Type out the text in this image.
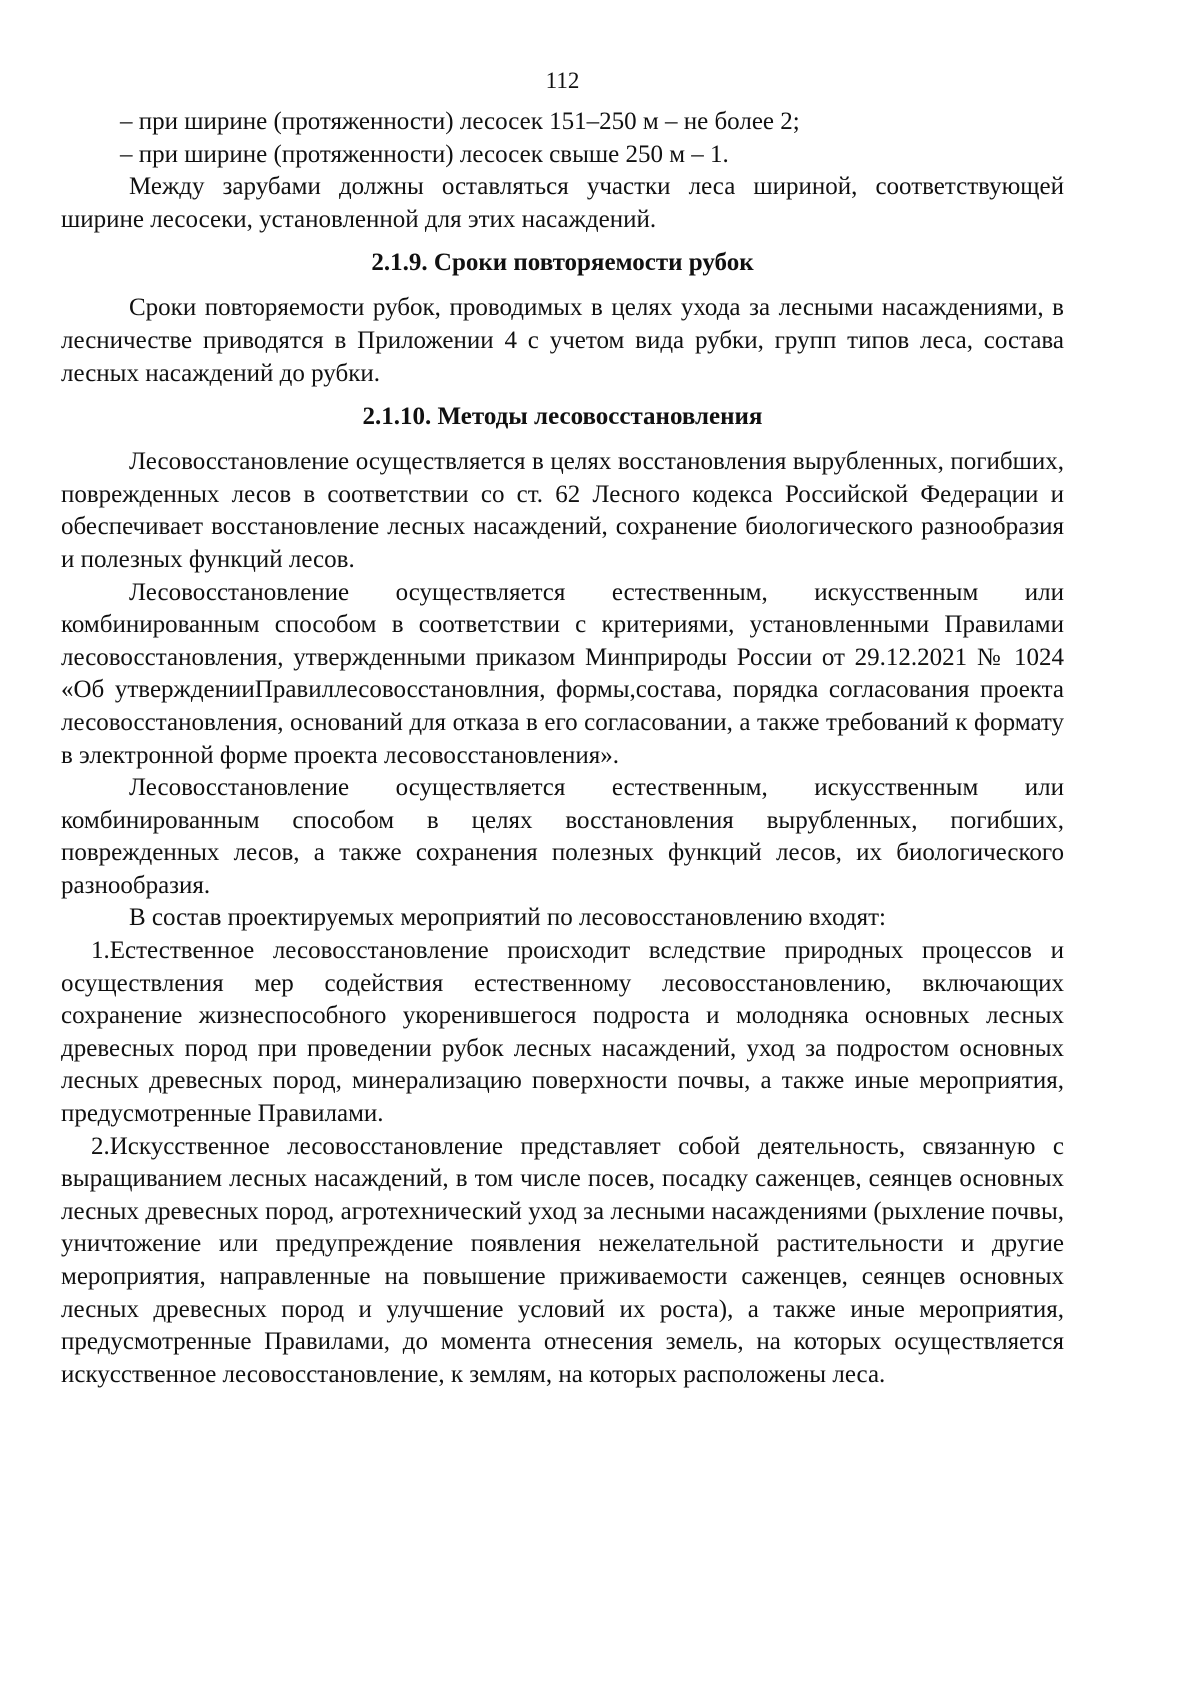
112

– при ширине (протяженности) лесосек 151–250 м – не более 2;

– при ширине (протяженности) лесосек свыше 250 м – 1.

Между зарубами должны оставляться участки леса шириной, соответствующей ширине лесосеки, установленной для этих насаждений.

2.1.9. Сроки повторяемости рубок

Сроки повторяемости рубок, проводимых в целях ухода за лесными насаждениями, в лесничестве приводятся в Приложении 4 с учетом вида рубки, групп типов леса, состава лесных насаждений до рубки.

2.1.10. Методы лесовосстановления

Лесовосстановление осуществляется в целях восстановления вырубленных, погибших, поврежденных лесов в соответствии со ст. 62 Лесного кодекса Российской Федерации и обеспечивает восстановление лесных насаждений, сохранение биологического разнообразия и полезных функций лесов.

Лесовосстановление осуществляется естественным, искусственным или комбинированным способом в соответствии с критериями, установленными Правилами лесовосстановления, утвержденными приказом Минприроды России от 29.12.2021 № 1024 «Об утвержденииПравиллесовосстановлния, формы,состава, порядка согласования проекта лесовосстановления, оснований для отказа в его согласовании, а также требований к формату в электронной форме проекта лесовосстановления».

Лесовосстановление осуществляется естественным, искусственным или комбинированным способом в целях восстановления вырубленных, погибших, поврежденных лесов, а также сохранения полезных функций лесов, их биологического разнообразия.

В состав проектируемых мероприятий по лесовосстановлению входят:

1.Естественное лесовосстановление происходит вследствие природных процессов и осуществления мер содействия естественному лесовосстановлению, включающих сохранение жизнеспособного укоренившегося подроста и молодняка основных лесных древесных пород при проведении рубок лесных насаждений, уход за подростом основных лесных древесных пород, минерализацию поверхности почвы, а также иные мероприятия, предусмотренные Правилами.

2.Искусственное лесовосстановление представляет собой деятельность, связанную с выращиванием лесных насаждений, в том числе посев, посадку саженцев, сеянцев основных лесных древесных пород, агротехнический уход за лесными насаждениями (рыхление почвы, уничтожение или предупреждение появления нежелательной растительности и другие мероприятия, направленные на повышение приживаемости саженцев, сеянцев основных лесных древесных пород и улучшение условий их роста), а также иные мероприятия, предусмотренные Правилами, до момента отнесения земель, на которых осуществляется искусственное лесовосстановление, к землям, на которых расположены леса.
